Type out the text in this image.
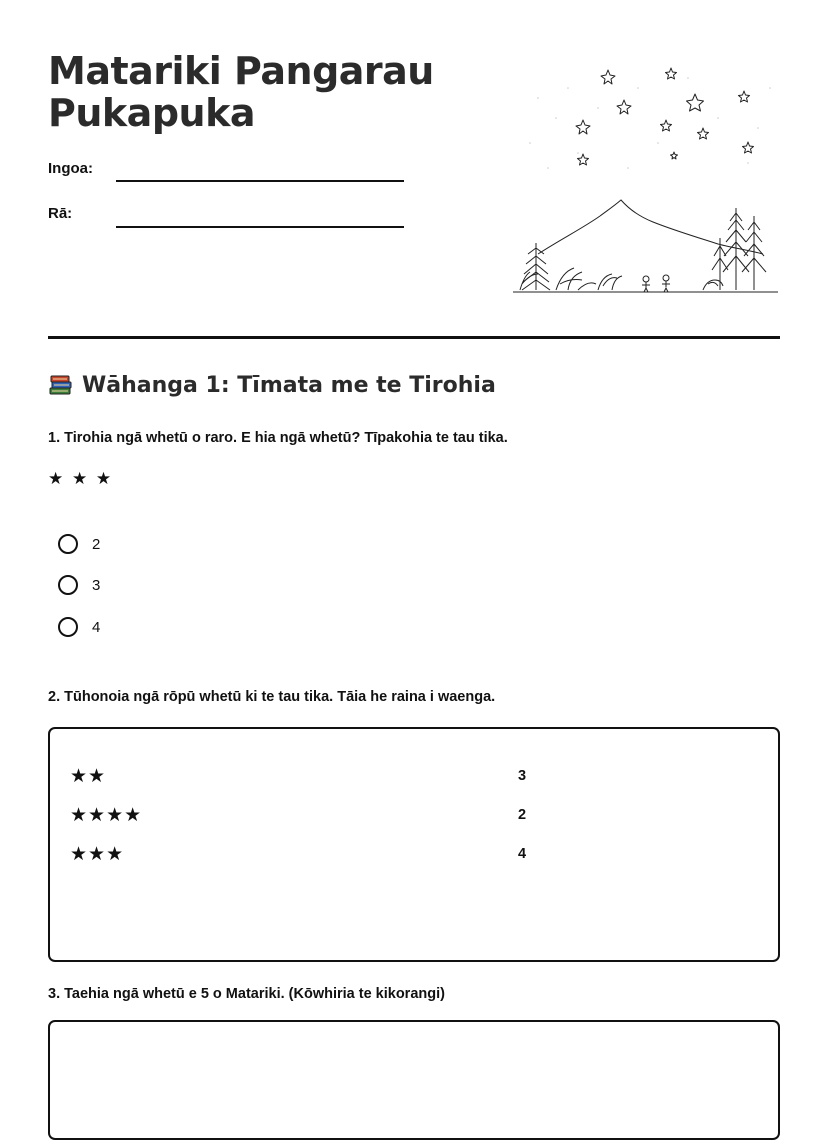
Matariki Pangarau
Pukapuka
Ingoa:
Rā:
Wāhanga 1: Tīmata me te Tirohia

1. Tirohia ngā whetū o raro. E hia ngā whetū? Tīpakohia te tau tika.

★ ★ ★
2
3
4

2. Tūhonoia ngā rōpū whetū ki te tau tika. Tāia he raina i waenga.

★★
★★★★
★★★
3
2
4

3. Taehia ngā whetū e 5 o Matariki. (Kōwhiria te kikorangi)
